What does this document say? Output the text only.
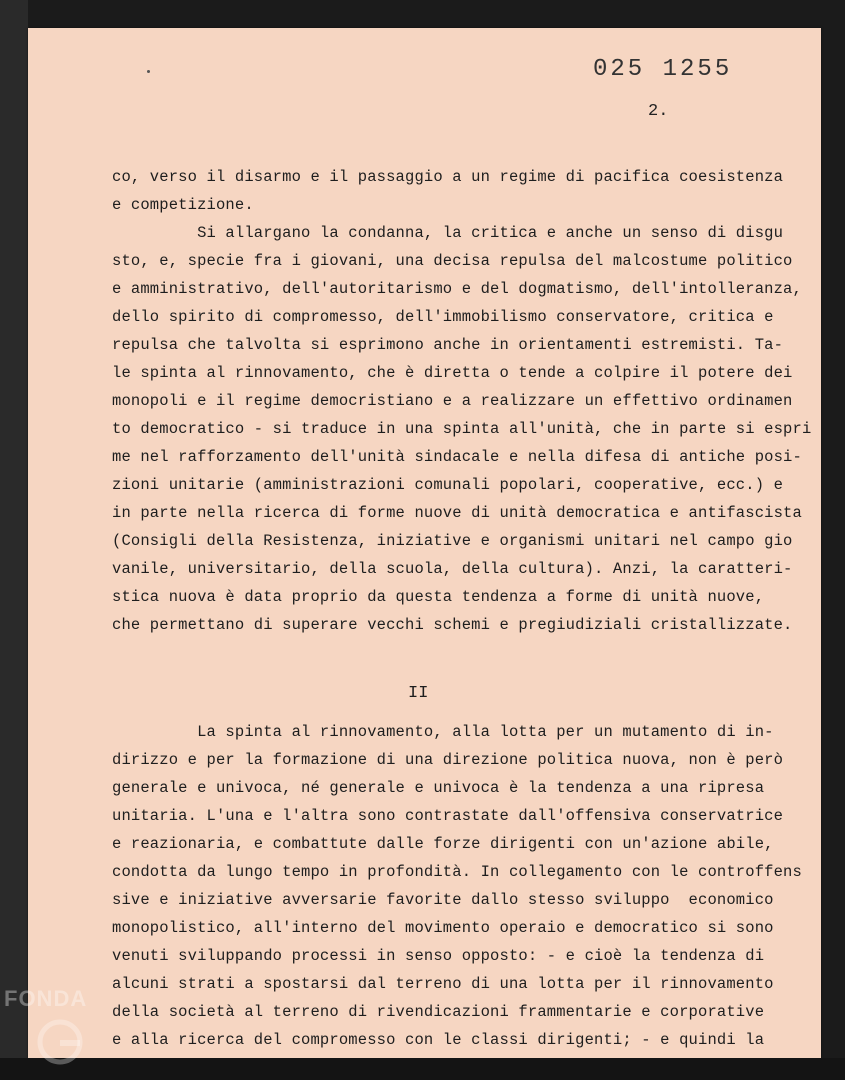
025 1255
2.
co, verso il disarmo e il passaggio a un regime di pacifica coesistenza
e competizione.
Si allargano la condanna, la critica e anche un senso di disgu
sto, e, specie fra i giovani, una decisa repulsa del malcostume politico
e amministrativo, dell'autoritarismo e del dogmatismo, dell'intolleranza,
dello spirito di compromesso, dell'immobilismo conservatore, critica e
repulsa che talvolta si esprimono anche in orientamenti estremisti. Ta-
le spinta al rinnovamento, che è diretta o tende a colpire il potere dei
monopoli e il regime democristiano e a realizzare un effettivo ordinamen
to democratico - si traduce in una spinta all'unità, che in parte si espri
me nel rafforzamento dell'unità sindacale e nella difesa di antiche posi-
zioni unitarie (amministrazioni comunali popolari, cooperative, ecc.) e
in parte nella ricerca di forme nuove di unità democratica e antifascista
(Consigli della Resistenza, iniziative e organismi unitari nel campo gio
vanile, universitario, della scuola, della cultura). Anzi, la caratteri-
stica nuova è data proprio da questa tendenza a forme di unità nuove,
che permettano di superare vecchi schemi e pregiudiziali cristallizzate.
II
La spinta al rinnovamento, alla lotta per un mutamento di in-
dirizzo e per la formazione di una direzione politica nuova, non è però
generale e univoca, né generale e univoca è la tendenza a una ripresa
unitaria. L'una e l'altra sono contrastate dall'offensiva conservatrice
e reazionaria, e combattute dalle forze dirigenti con un'azione abile,
condotta da lungo tempo in profondità. In collegamento con le controffens
sive e iniziative avversarie favorite dallo stesso sviluppo  economico
monopolistico, all'interno del movimento operaio e democratico si sono
venuti sviluppando processi in senso opposto: - e cioè la tendenza di
alcuni strati a spostarsi dal terreno di una lotta per il rinnovamento
della società al terreno di rivendicazioni frammentarie e corporative
e alla ricerca del compromesso con le classi dirigenti; - e quindi la
FONDA
